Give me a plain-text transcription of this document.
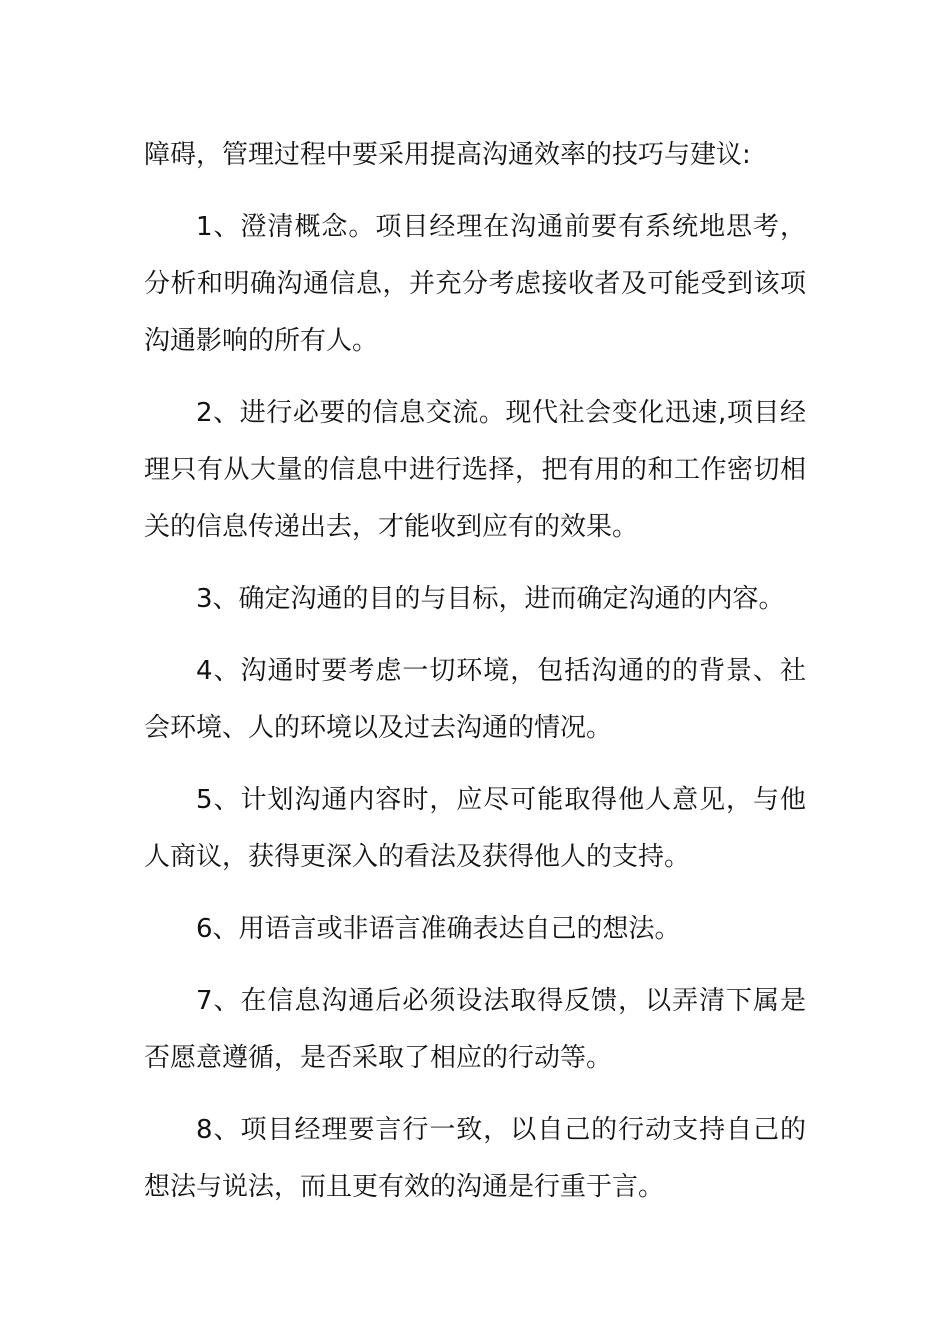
障碍，管理过程中要采用提高沟通效率的技巧与建议:

1、澄清概念。项目经理在沟通前要有系统地思考，分析和明确沟通信息，并充分考虑接收者及可能受到该项沟通影响的所有人。

2、进行必要的信息交流。现代社会变化迅速,项目经理只有从大量的信息中进行选择，把有用的和工作密切相关的信息传递出去，才能收到应有的效果。

3、确定沟通的目的与目标，进而确定沟通的内容。

4、沟通时要考虑一切环境，包括沟通的的背景、社会环境、人的环境以及过去沟通的情况。

5、计划沟通内容时，应尽可能取得他人意见，与他人商议，获得更深入的看法及获得他人的支持。

6、用语言或非语言准确表达自己的想法。

7、在信息沟通后必须设法取得反馈，以弄清下属是否愿意遵循，是否采取了相应的行动等。

8、项目经理要言行一致，以自己的行动支持自己的想法与说法，而且更有效的沟通是行重于言。
